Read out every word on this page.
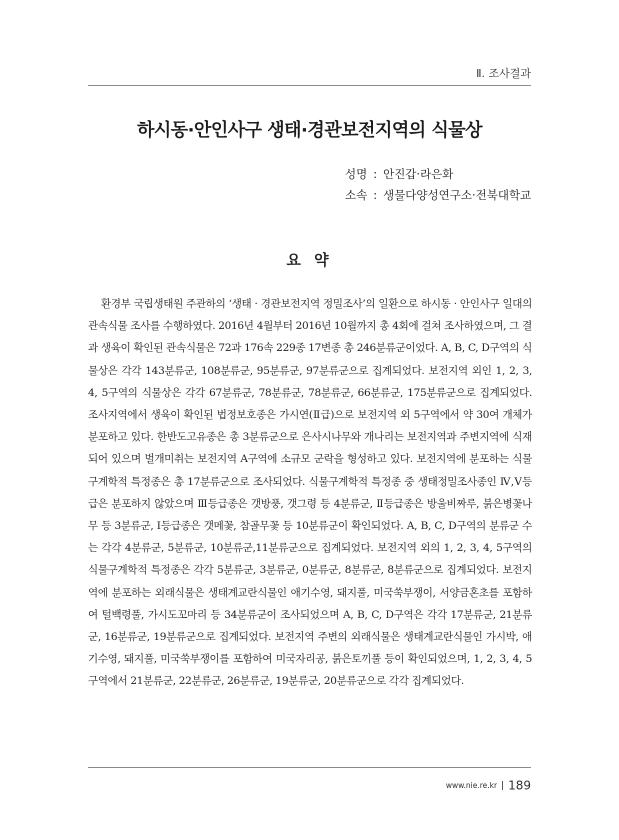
Ⅱ. 조사결과
하시동·안인사구 생태·경관보전지역의 식물상
성명 : 안진갑·라은화
소속 : 생물다양성연구소·전북대학교
요 약

환경부 국립생태원 주관하의 ‘생태 · 경관보전지역 정밀조사’의 일환으로 하시동 · 안인사구 일대의 관속식물 조사를 수행하였다. 2016년 4월부터 2016년 10월까지 총 4회에 걸쳐 조사하였으며, 그 결과 생육이 확인된 관속식물은 72과 176속 229종 17변종 총 246분류군이었다. A, B, C, D구역의 식물상은 각각 143분류군, 108분류군, 95분류군, 97분류군으로 집계되었다. 보전지역 외인 1, 2, 3, 4, 5구역의 식물상은 각각 67분류군, 78분류군, 78분류군, 66분류군, 175분류군으로 집계되었다. 조사지역에서 생육이 확인된 법정보호종은 가시연(Ⅱ급)으로 보전지역 외 5구역에서 약 30여 개체가 분포하고 있다. 한반도고유종은 총 3분류군으로 은사시나무와 개나리는 보전지역과 주변지역에 식재되어 있으며 벌개미취는 보전지역 A구역에 소규모 군락을 형성하고 있다. 보전지역에 분포하는 식물구계학적 특정종은 총 17분류군으로 조사되었다. 식물구계학적 특정종 중 생태정밀조사종인 Ⅳ,Ⅴ등급은 분포하지 않았으며 Ⅲ등급종은 갯방풍, 갯그령 등 4분류군, Ⅱ등급종은 방울비짜루, 붉은병꽃나무 등 3분류군, Ⅰ등급종은 갯메꽃, 참골무꽃 등 10분류군이 확인되었다. A, B, C, D구역의 분류군 수는 각각 4분류군, 5분류군, 10분류군,11분류군으로 집계되었다. 보전지역 외의 1, 2, 3, 4, 5구역의 식물구계학적 특정종은 각각 5분류군, 3분류군, 0분류군, 8분류군, 8분류군으로 집계되었다. 보전지역에 분포하는 외래식물은 생태계교란식물인 애기수영, 돼지풀, 미국쑥부쟁이, 서양금혼초를 포함하여 털백령풀, 가시도꼬마리 등 34분류군이 조사되었으며 A, B, C, D구역은 각각 17분류군, 21분류군, 16분류군, 19분류군으로 집계되었다. 보전지역 주변의 외래식물은 생태계교란식물인 가시박, 애기수영, 돼지풀, 미국쑥부쟁이를 포함하여 미국자리공, 붉은토끼풀 등이 확인되었으며, 1, 2, 3, 4, 5구역에서 21분류군, 22분류군, 26분류군, 19분류군, 20분류군으로 각각 집계되었다.

www.nie.re.kr 189
